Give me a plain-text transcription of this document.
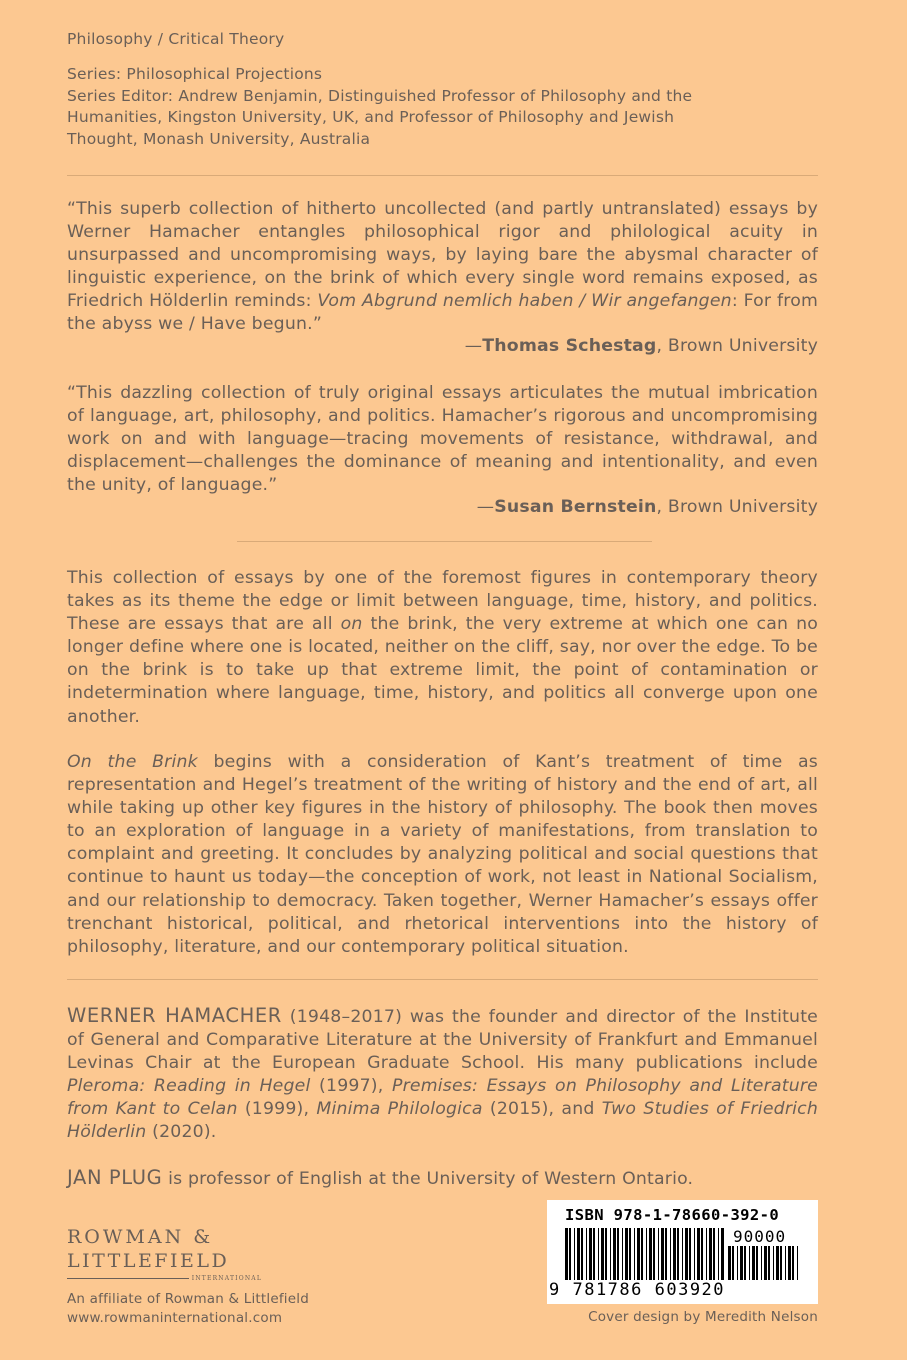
Philosophy / Critical Theory
Series: Philosophical Projections
Series Editor: Andrew Benjamin, Distinguished Professor of Philosophy and the Humanities, Kingston University, UK, and Professor of Philosophy and Jewish Thought, Monash University, Australia
“This superb collection of hitherto uncollected (and partly untranslated) essays by Werner Hamacher entangles philosophical rigor and philological acuity in unsurpassed and uncompromising ways, by laying bare the abysmal character of linguistic experience, on the brink of which every single word remains exposed, as Friedrich Hölderlin reminds: Vom Abgrund nemlich haben / Wir angefangen: For from the abyss we / Have begun.”
—Thomas Schestag, Brown University
“This dazzling collection of truly original essays articulates the mutual imbrication of language, art, philosophy, and politics. Hamacher’s rigorous and uncompromising work on and with language—tracing movements of resistance, withdrawal, and displacement—challenges the dominance of meaning and intentionality, and even the unity, of language.”
—Susan Bernstein, Brown University
This collection of essays by one of the foremost figures in contemporary theory takes as its theme the edge or limit between language, time, history, and politics. These are essays that are all on the brink, the very extreme at which one can no longer define where one is located, neither on the cliff, say, nor over the edge. To be on the brink is to take up that extreme limit, the point of contamination or indetermination where language, time, history, and politics all converge upon one another.
On the Brink begins with a consideration of Kant’s treatment of time as representation and Hegel’s treatment of the writing of history and the end of art, all while taking up other key figures in the history of philosophy. The book then moves to an exploration of language in a variety of manifestations, from translation to complaint and greeting. It concludes by analyzing political and social questions that continue to haunt us today—the conception of work, not least in National Socialism, and our relationship to democracy. Taken together, Werner Hamacher’s essays offer trenchant historical, political, and rhetorical interventions into the history of philosophy, literature, and our contemporary political situation.
WERNER HAMACHER (1948–2017) was the founder and director of the Institute of General and Comparative Literature at the University of Frankfurt and Emmanuel Levinas Chair at the European Graduate School. His many publications include Pleroma: Reading in Hegel (1997), Premises: Essays on Philosophy and Literature from Kant to Celan (1999), Minima Philologica (2015), and Two Studies of Friedrich Hölderlin (2020).
JAN PLUG is professor of English at the University of Western Ontario.
ROWMAN &
LITTLEFIELD
INTERNATIONAL
An affiliate of Rowman & Littlefield
www.rowmaninternational.com
ISBN 978-1-78660-392-0
90000
9 781786 603920
Cover design by Meredith Nelson
